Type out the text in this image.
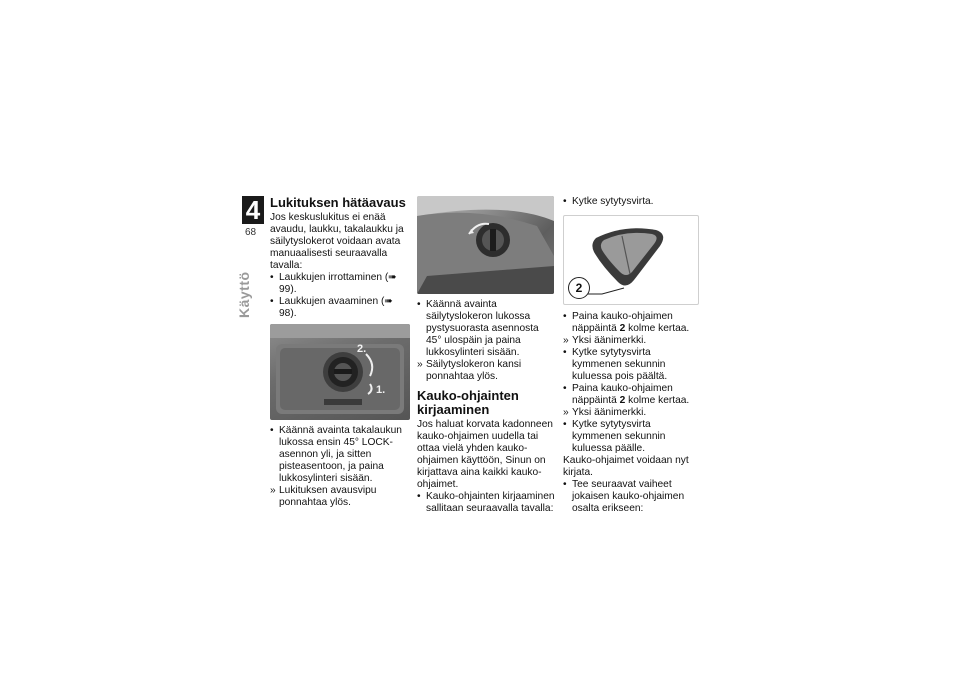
4
68
Käyttö
Lukituksen hätäavaus

Jos keskuslukitus ei enää avaudu, laukku, takalaukku ja säilytyslokerot voidaan avata manuaalisesti seuraavalla tavalla:

• Laukkujen irrottaminen (➠ 99).
• Laukkujen avaaminen (➠ 98).
2.
1.
• Käännä avainta takalaukun lukossa ensin 45° LOCK-asennon yli, ja sitten pisteasentoon, ja paina lukkosylinteri sisään.
» Lukituksen avausvipu ponnahtaa ylös.
• Käännä avainta säilytyslokeron lukossa pystysuorasta asennosta 45° ulospäin ja paina lukkosylinteri sisään.
» Säilytyslokeron kansi ponnahtaa ylös.
Kauko-ohjainten kirjaaminen

Jos haluat korvata kadonneen kauko-ohjaimen uudella tai ottaa vielä yhden kauko-ohjaimen käyttöön, Sinun on kirjattava aina kaikki kauko-ohjaimet.

• Kauko-ohjainten kirjaaminen sallitaan seuraavalla tavalla:
• Kytke sytytysvirta.
2
• Paina kauko-ohjaimen näppäintä 2 kolme kertaa.
» Yksi äänimerkki.
• Kytke sytytysvirta kymmenen sekunnin kuluessa pois päältä.
• Paina kauko-ohjaimen näppäintä 2 kolme kertaa.
» Yksi äänimerkki.
• Kytke sytytysvirta kymmenen sekunnin kuluessa päälle.

Kauko-ohjaimet voidaan nyt kirjata.

• Tee seuraavat vaiheet jokaisen kauko-ohjaimen osalta erikseen:
